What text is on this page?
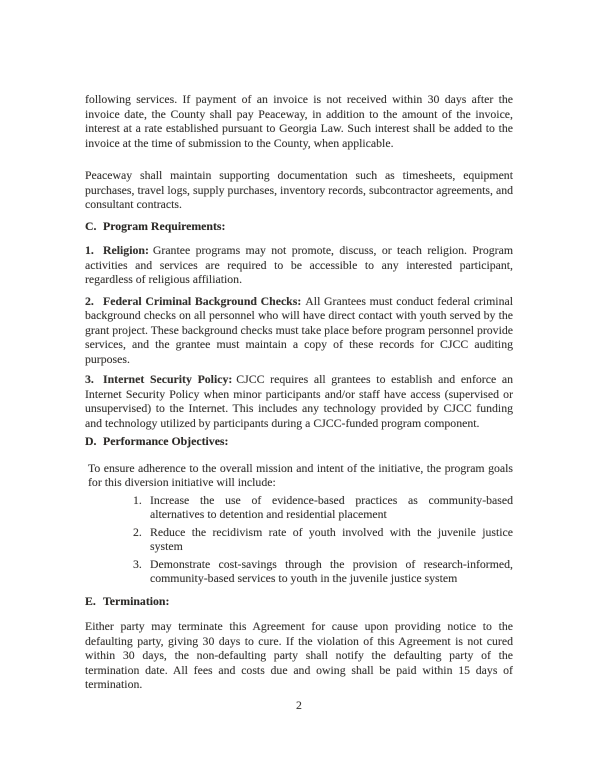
following services. If payment of an invoice is not received within 30 days after the invoice date, the County shall pay Peaceway, in addition to the amount of the invoice, interest at a rate established pursuant to Georgia Law. Such interest shall be added to the invoice at the time of submission to the County, when applicable.

Peaceway shall maintain supporting documentation such as timesheets, equipment purchases, travel logs, supply purchases, inventory records, subcontractor agreements, and consultant contracts.

C. Program Requirements:

1. Religion: Grantee programs may not promote, discuss, or teach religion. Program activities and services are required to be accessible to any interested participant, regardless of religious affiliation.

2. Federal Criminal Background Checks: All Grantees must conduct federal criminal background checks on all personnel who will have direct contact with youth served by the grant project. These background checks must take place before program personnel provide services, and the grantee must maintain a copy of these records for CJCC auditing purposes.

3. Internet Security Policy: CJCC requires all grantees to establish and enforce an Internet Security Policy when minor participants and/or staff have access (supervised or unsupervised) to the Internet. This includes any technology provided by CJCC funding and technology utilized by participants during a CJCC-funded program component.

D. Performance Objectives:

To ensure adherence to the overall mission and intent of the initiative, the program goals for this diversion initiative will include:

1. Increase the use of evidence-based practices as community-based alternatives to detention and residential placement
2. Reduce the recidivism rate of youth involved with the juvenile justice system
3. Demonstrate cost-savings through the provision of research-informed, community-based services to youth in the juvenile justice system

E. Termination:

Either party may terminate this Agreement for cause upon providing notice to the defaulting party, giving 30 days to cure. If the violation of this Agreement is not cured within 30 days, the non-defaulting party shall notify the defaulting party of the termination date. All fees and costs due and owing shall be paid within 15 days of termination.

2
